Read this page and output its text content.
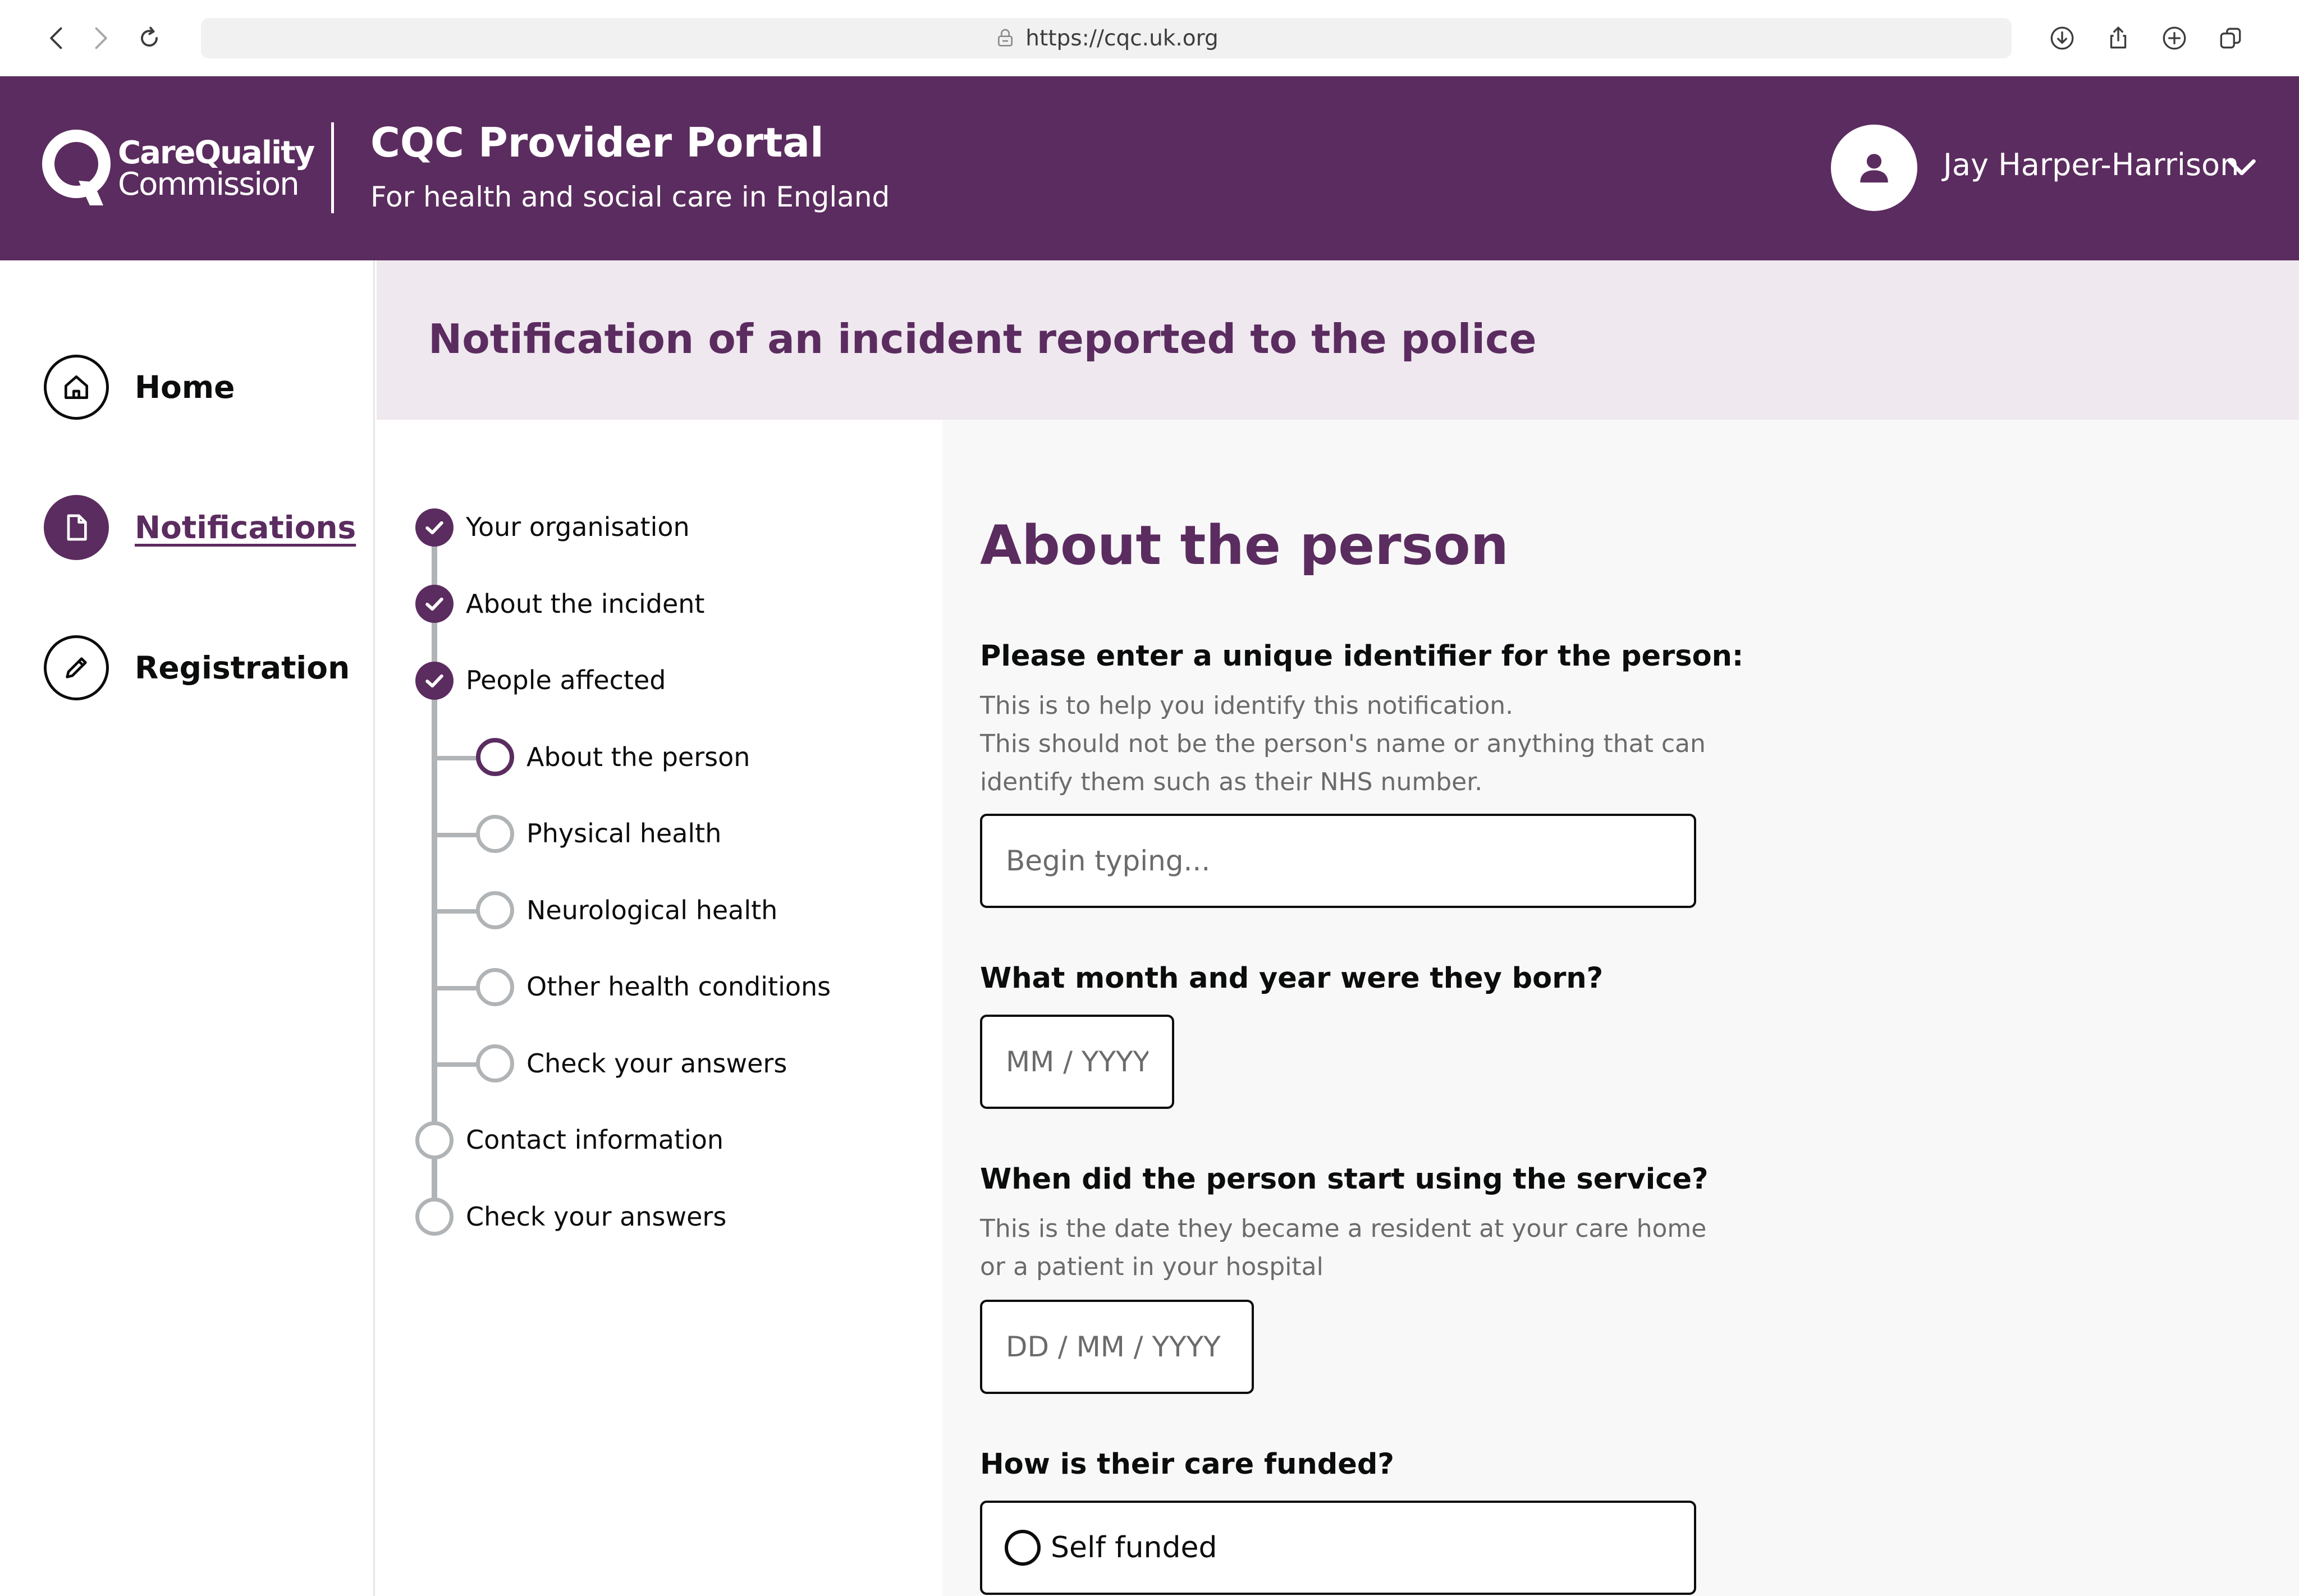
https://cqc.uk.org
CareQuality
Commission
CQC Provider Portal
For health and social care in England
Jay Harper-Harrison
Home
Notifications
Registration
Notification of an incident reported to the police
Your organisation
About the incident
People affected
About the person
Physical health
Neurological health
Other health conditions
Check your answers
Contact information
Check your answers
About the person
Please enter a unique identifier for the person:
This is to help you identify this notification.
This should not be the person's name or anything that can
identify them such as their NHS number.
Begin typing...
What month and year were they born?
MM / YYYY
When did the person start using the service?
This is the date they became a resident at your care home
or a patient in your hospital
DD / MM / YYYY
How is their care funded?
Self funded
